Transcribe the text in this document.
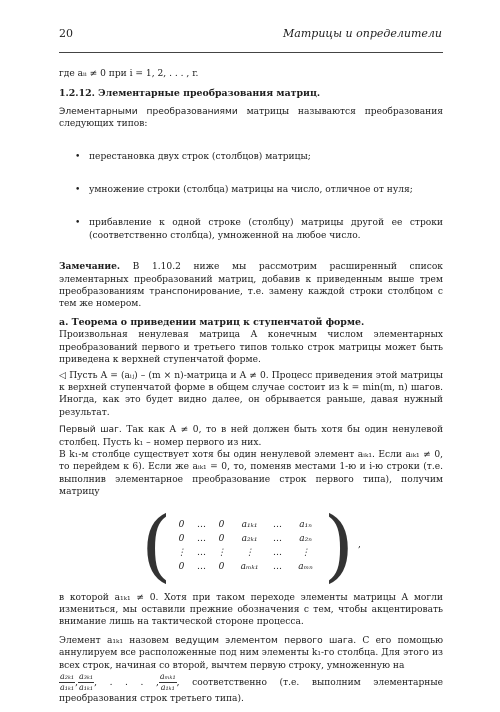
20	Матрицы и определители

где aᵢᵢ ≠ 0 при i = 1, 2, . . . , r.

1.2.12. Элементарные преобразования матриц.

Элементарными преобразованиями матрицы называются преобразования следующих типов:

• перестановка двух строк (столбцов) матрицы;
• умножение строки (столбца) матрицы на число, отличное от нуля;
• прибавление к одной строке (столбцу) матрицы другой ее строки (соответственно столбца), умноженной на любое число.

Замечание. В 1.10.2 ниже мы рассмотрим расширенный список элементарных преобразований матриц, добавив к приведенным выше трем преобразованиям транспонирование, т.е. замену каждой строки столбцом с тем же номером.

а. Теорема о приведении матриц к ступенчатой форме.

Произвольная ненулевая матрица A конечным числом элементарных преобразований первого и третьего типов только строк матрицы может быть приведена к верхней ступенчатой форме.

◁ Пусть A = (aᵢⱼ) – (m × n)-матрица и A ≠ 0. Процесс приведения этой матрицы к верхней ступенчатой форме в общем случае состоит из k = min(m, n) шагов. Иногда, как это будет видно далее, он обрывается раньше, давая нужный результат.

Первый шаг. Так как A ≠ 0, то в ней должен быть хотя бы один ненулевой столбец. Пусть k₁ – номер первого из них.

В k₁-м столбце существует хотя бы один ненулевой элемент aᵢₖ₁. Если aᵢₖ₁ ≠ 0, то перейдем к 6). Если же aᵢₖ₁ = 0, то, поменяв местами 1-ю и i-ю строки (т.е. выполнив элементарное преобразование строк первого типа), получим матрицу

( 0	…	0	a₁ₖ₁	…	a₁ₙ
0	…	0	a₂ₖ₁	…	a₂ₙ
⋮	…	⋮	⋮	…	⋮
0	…	0	aₘₖ₁	…	aₘₙ ) ,

в которой a₁ₖ₁ ≠ 0. Хотя при таком переходе элементы матрицы A могли измениться, мы оставили прежние обозначения с тем, чтобы акцентировать внимание лишь на тактической стороне процесса.

Элемент a₁ₖ₁ назовем ведущим элементом первого шага. С его помощью аннулируем все расположенные под ним элементы k₁-го столбца. Для этого из всех строк, начиная со второй, вычтем первую строку, умноженную на

$\frac{\text{a₂ₖ₁}}{\text{a₁ₖ₁}}$ , $\frac{\text{a₃ₖ₁}}{\text{a₁ₖ₁}}$ , . . . , $\frac{\text{aₘₖ₁}}{\text{a₁ₖ₁}}$ , соответственно (т.е. выполним элементарные преобразования строк третьего типа).
